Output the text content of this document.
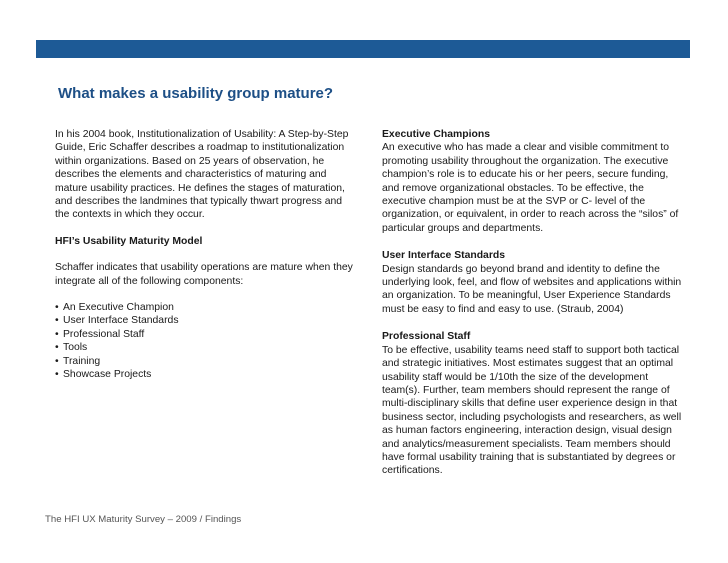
What makes a usability group mature?

In his 2004 book, Institutionalization of Usability: A Step-by-Step Guide, Eric Schaffer describes a roadmap to institutionalization within organizations. Based on 25 years of observation, he describes the elements and characteristics of maturing and mature usability practices. He defines the stages of maturation, and describes the landmines that typically thwart progress and the contexts in which they occur.

HFI’s Usability Maturity Model

Schaffer indicates that usability operations are mature when they integrate all of the following components:

• An Executive Champion
• User Interface Standards
• Professional Staff
• Tools
• Training
• Showcase Projects

Executive Champions

An executive who has made a clear and visible commitment to promoting usability throughout the organization. The executive champion’s role is to educate his or her peers, secure funding, and remove organizational obstacles. To be effective, the executive champion must be at the SVP or C- level of the organization, or equivalent, in order to reach across the “silos” of particular groups and departments.

User Interface Standards

Design standards go beyond brand and identity to define the underlying look, feel, and flow of websites and applications within an organization. To be meaningful, User Experience Standards must be easy to find and easy to use. (Straub, 2004)

Professional Staff

To be effective, usability teams need staff to support both tactical and strategic initiatives. Most estimates suggest that an optimal usability staff would be 1/10th the size of the development team(s). Further, team members should represent the range of multi-disciplinary skills that define user experience design in that business sector, including psychologists and researchers, as well as human factors engineering, interaction design, visual design and analytics/measurement specialists. Team members should have formal usability training that is substantiated by degrees or certifications.

The HFI UX Maturity Survey – 2009 / Findings
